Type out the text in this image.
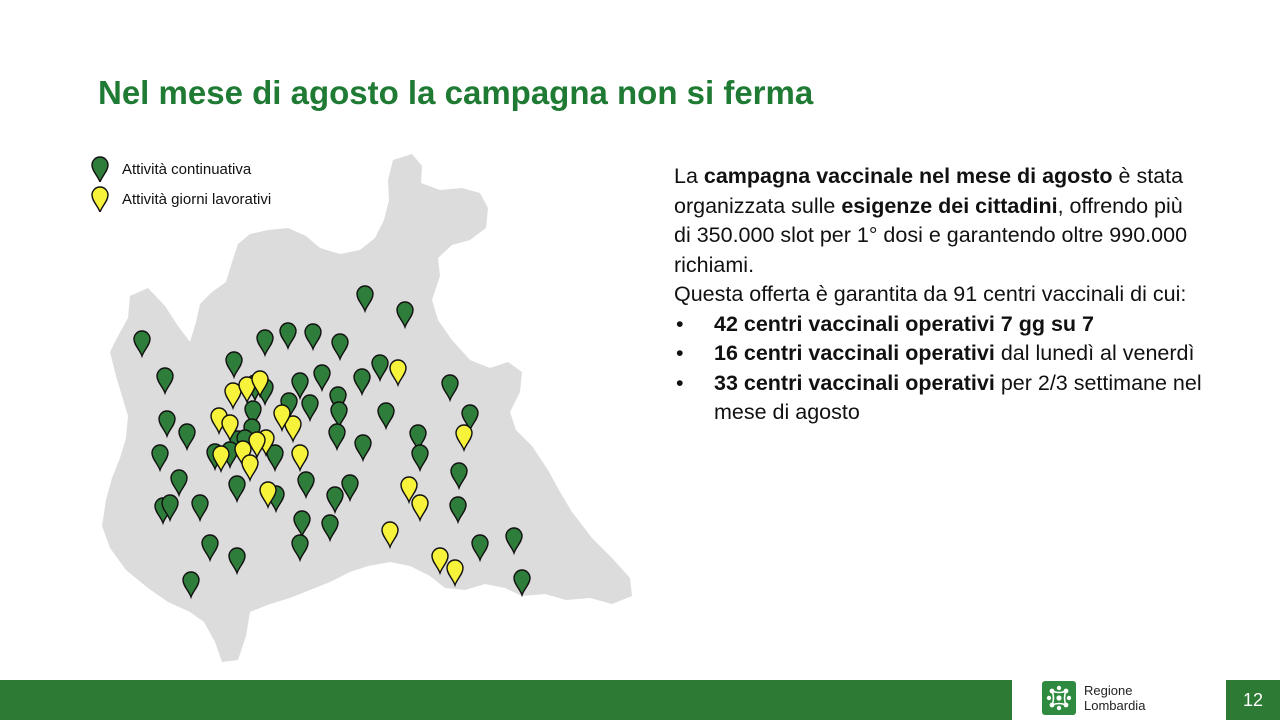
Nel mese di agosto la campagna non si ferma
Attività continuativa
Attività giorni lavorativi

La campagna vaccinale nel mese di agosto è stata organizzata sulle esigenze dei cittadini, offrendo più di 350.000 slot per 1° dosi e garantendo oltre 990.000 richiami.

Questa offerta è garantita da 91 centri vaccinali di cui:

• 42 centri vaccinali operativi 7 gg su 7
• 16 centri vaccinali operativi dal lunedì al venerdì
• 33 centri vaccinali operativi per 2/3 settimane nel mese di agosto
Regione
Lombardia	12
